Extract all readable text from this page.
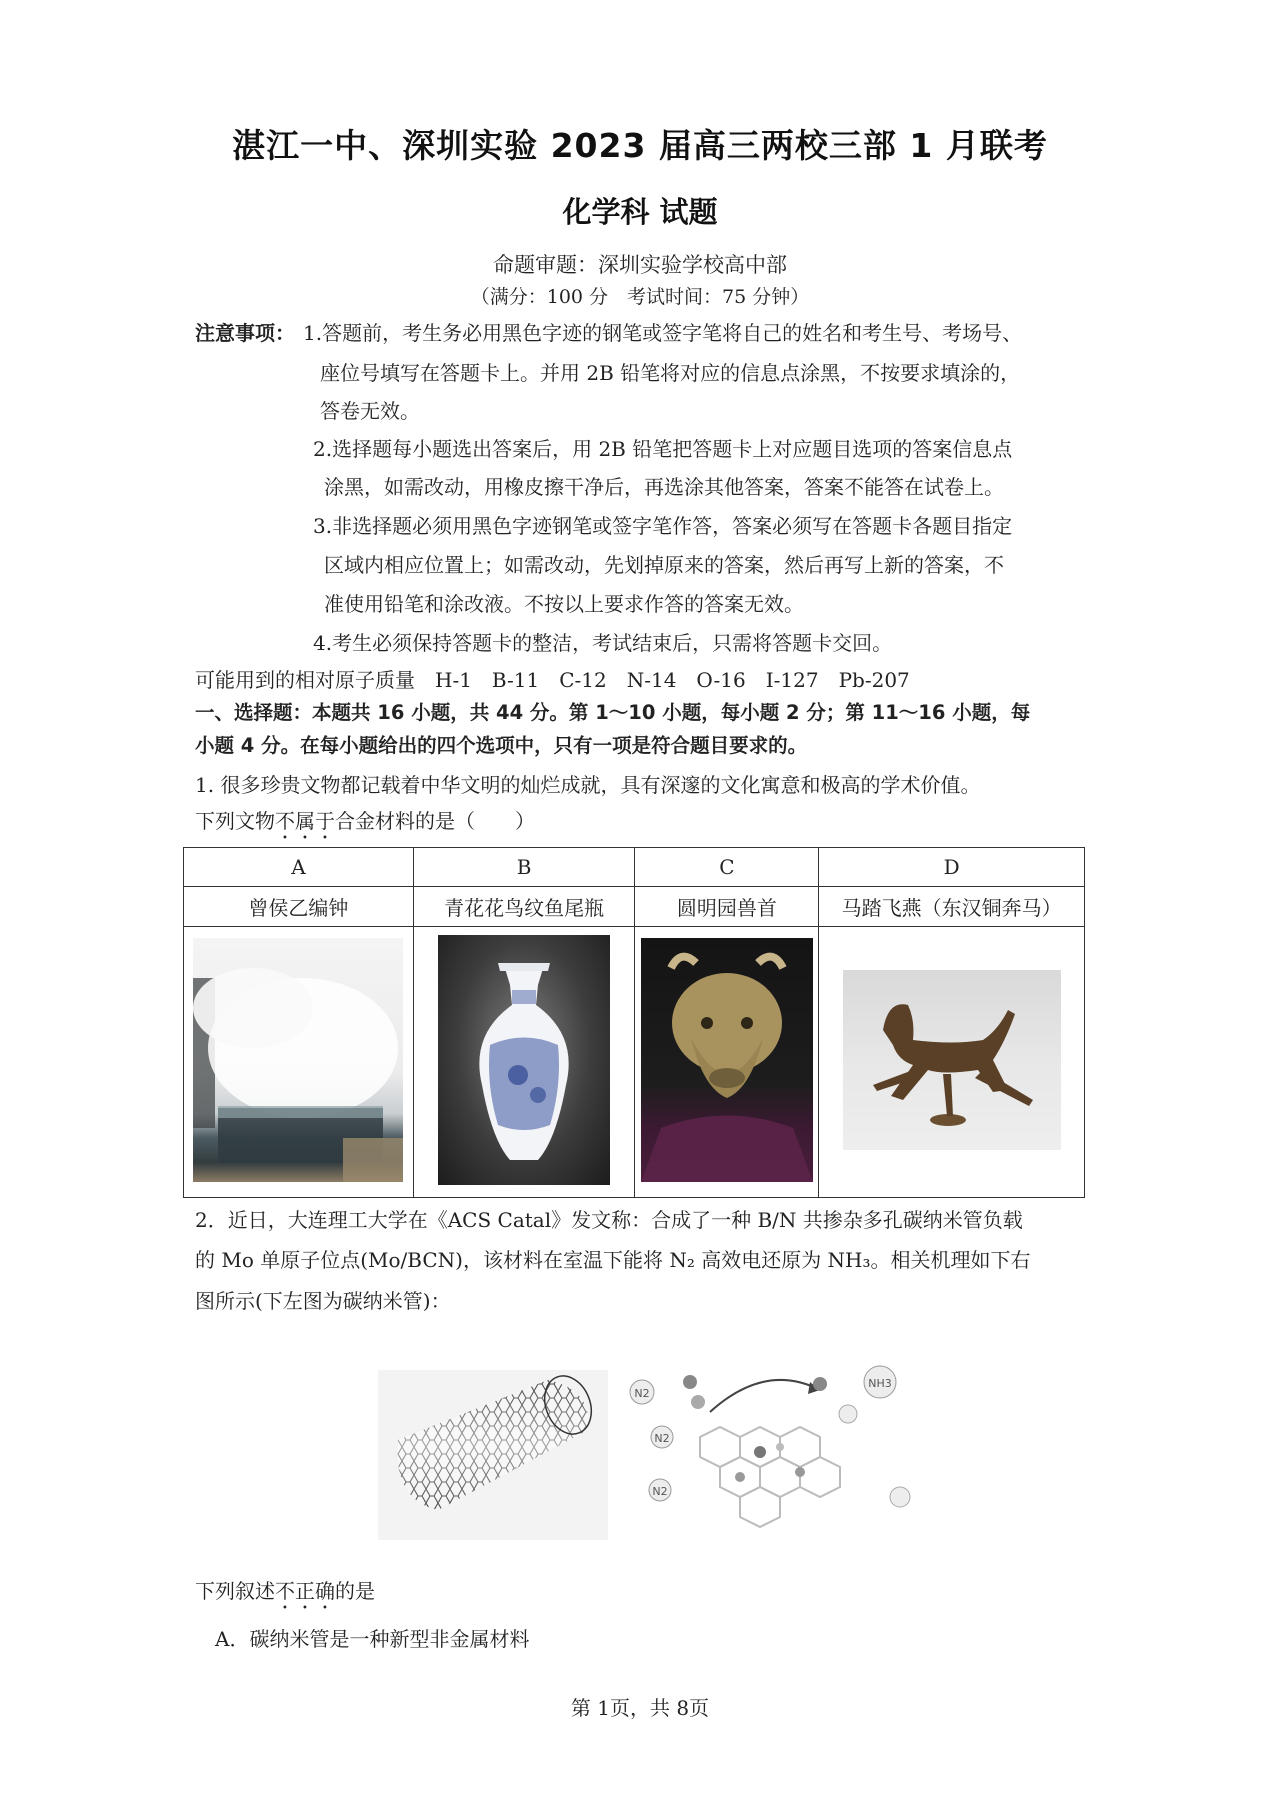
湛江一中、深圳实验 2023 届高三两校三部 1 月联考
化学科 试题
命题审题：深圳实验学校高中部
（满分：100 分　考试时间：75 分钟）
注意事项： 1.答题前，考生务必用黑色字迹的钢笔或签字笔将自己的姓名和考生号、考场号、
座位号填写在答题卡上。并用 2B 铅笔将对应的信息点涂黑，不按要求填涂的，
答卷无效。
2.选择题每小题选出答案后，用 2B 铅笔把答题卡上对应题目选项的答案信息点
涂黑，如需改动，用橡皮擦干净后，再选涂其他答案，答案不能答在试卷上。
3.非选择题必须用黑色字迹钢笔或签字笔作答，答案必须写在答题卡各题目指定
区域内相应位置上；如需改动，先划掉原来的答案，然后再写上新的答案，不
准使用铅笔和涂改液。不按以上要求作答的答案无效。
4.考生必须保持答题卡的整洁，考试结束后，只需将答题卡交回。
可能用到的相对原子质量　H-1　B-11　C-12　N-14　O-16　I-127　Pb-207
一、选择题：本题共 16 小题，共 44 分。第 1～10 小题，每小题 2 分；第 11～16 小题，每
小题 4 分。在每小题给出的四个选项中，只有一项是符合题目要求的。
1. 很多珍贵文物都记载着中华文明的灿烂成就，具有深邃的文化寓意和极高的学术价值。
下列文物不属于合金材料的是（　　）
A	B	C	D
曾侯乙编钟	青花花鸟纹鱼尾瓶	圆明园兽首	马踏飞燕（东汉铜奔马）

2．近日，大连理工大学在《ACS Catal》发文称：合成了一种 B/N 共掺杂多孔碳纳米管负载
的 Mo 单原子位点(Mo/BCN)，该材料在室温下能将 N₂ 高效电还原为 NH₃。相关机理如下右
图所示(下左图为碳纳米管)：
N2
N2
N2
NH3
下列叙述不正确的是
A．碳纳米管是一种新型非金属材料
第 1页，共 8页
